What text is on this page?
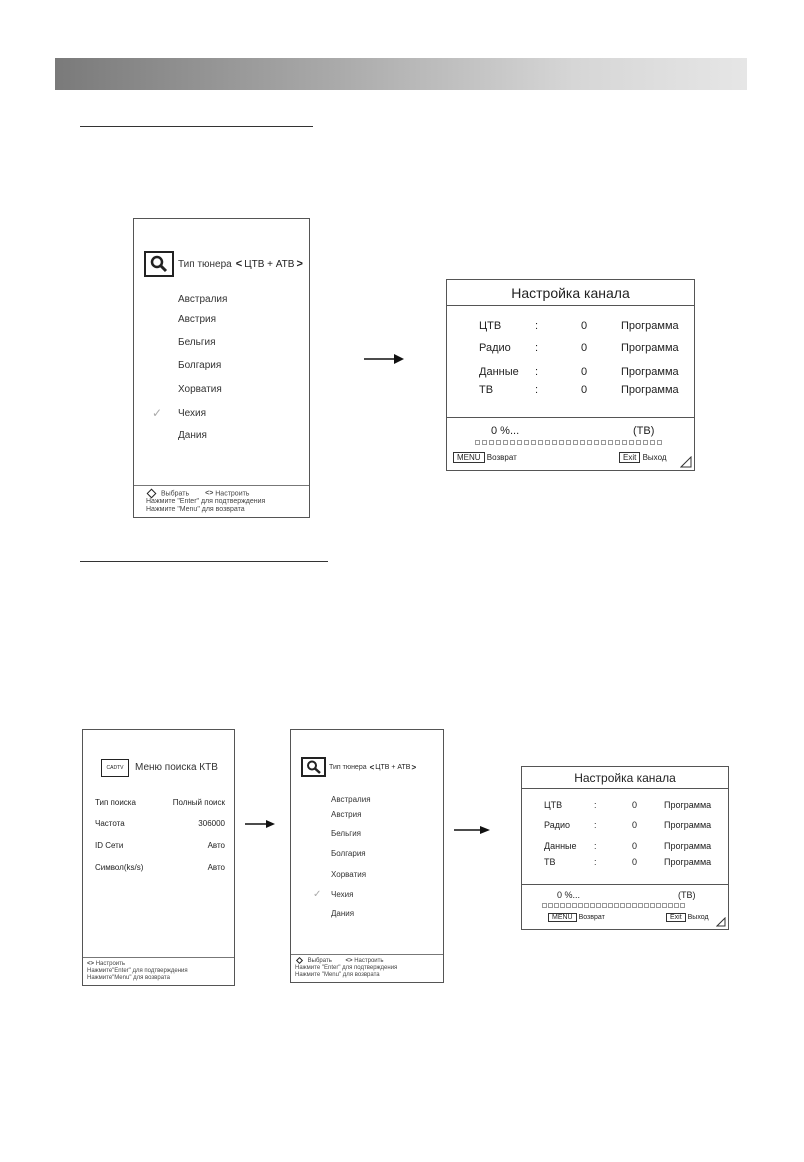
Тип тюнера < ЦТВ + АТВ >
Австралия
Австрия
Бельгия
Болгария
Хорватия
✓ Чехия
Дания
Выбрать <> Настроить
Нажмите "Enter" для подтверждения
Нажмите "Menu" для возврата
Настройка канала
ЦТВ	:	0	Программа
Радио	:	0	Программа
Данные	:	0	Программа
ТВ	:	0	Программа
0 %...	(ТВ)
MENU Возврат	Exit Выход
CADTV Меню поиска КТВ
Тип поиска	Полный поиск
Частота	306000
ID Сети	Авто
Символ(ks/s)	Авто
<> Настроить
Нажмите"Enter" для подтверждения
Нажмите"Menu" для возврата
Тип тюнера < ЦТВ + АТВ >
Австралия
Австрия
Бельгия
Болгария
Хорватия
✓ Чехия
Дания
Выбрать <> Настроить
Нажмите "Enter" для подтверждения
Нажмите "Menu" для возврата
Настройка канала
ЦТВ	:	0	Программа
Радио	:	0	Программа
Данные	:	0	Программа
ТВ	:	0	Программа
0 %...	(ТВ)
MENU Возврат	Exit Выход
